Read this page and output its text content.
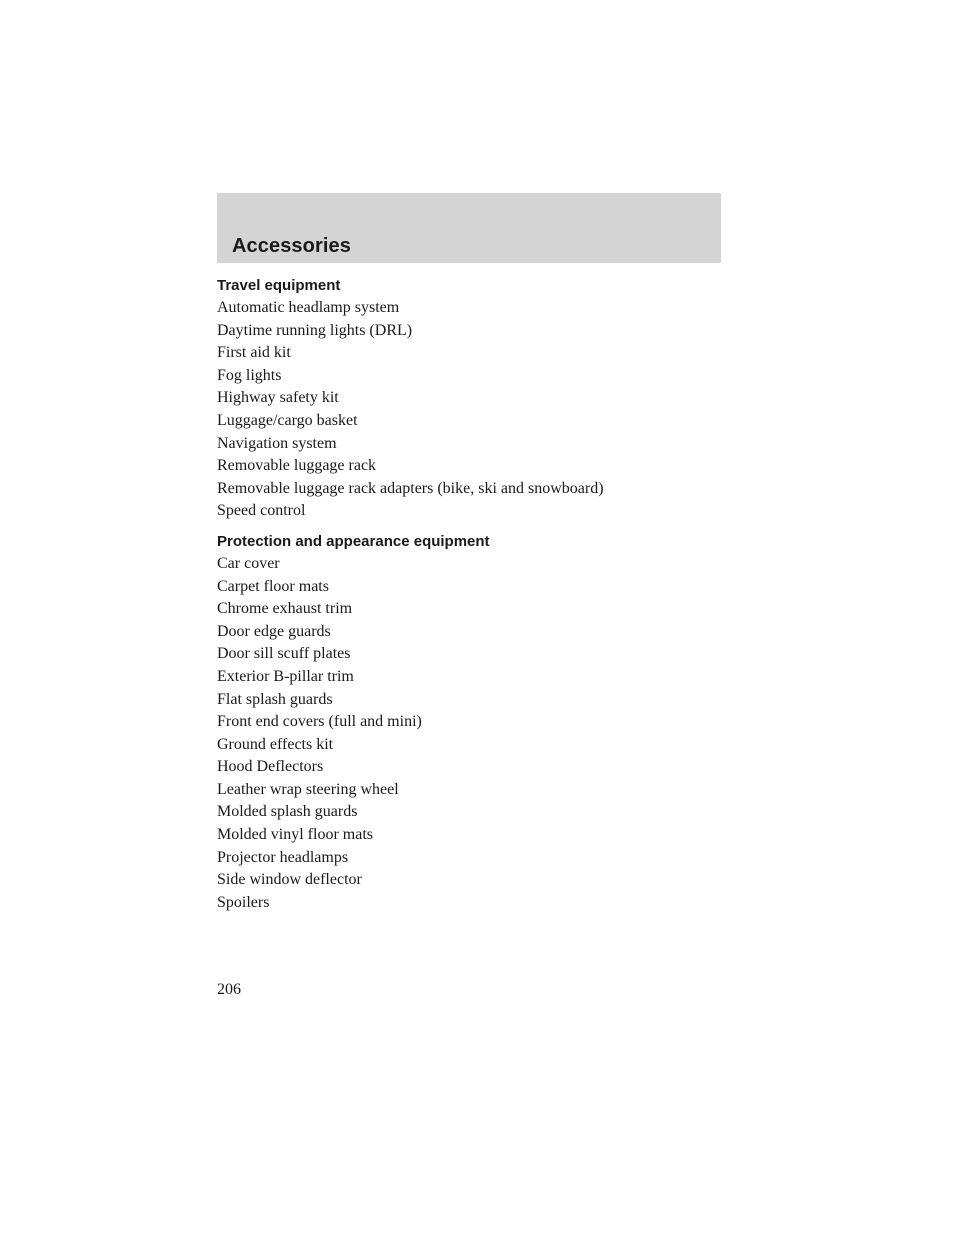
Accessories
Travel equipment
Automatic headlamp system
Daytime running lights (DRL)
First aid kit
Fog lights
Highway safety kit
Luggage/cargo basket
Navigation system
Removable luggage rack
Removable luggage rack adapters (bike, ski and snowboard)
Speed control
Protection and appearance equipment
Car cover
Carpet floor mats
Chrome exhaust trim
Door edge guards
Door sill scuff plates
Exterior B-pillar trim
Flat splash guards
Front end covers (full and mini)
Ground effects kit
Hood Deflectors
Leather wrap steering wheel
Molded splash guards
Molded vinyl floor mats
Projector headlamps
Side window deflector
Spoilers
206
